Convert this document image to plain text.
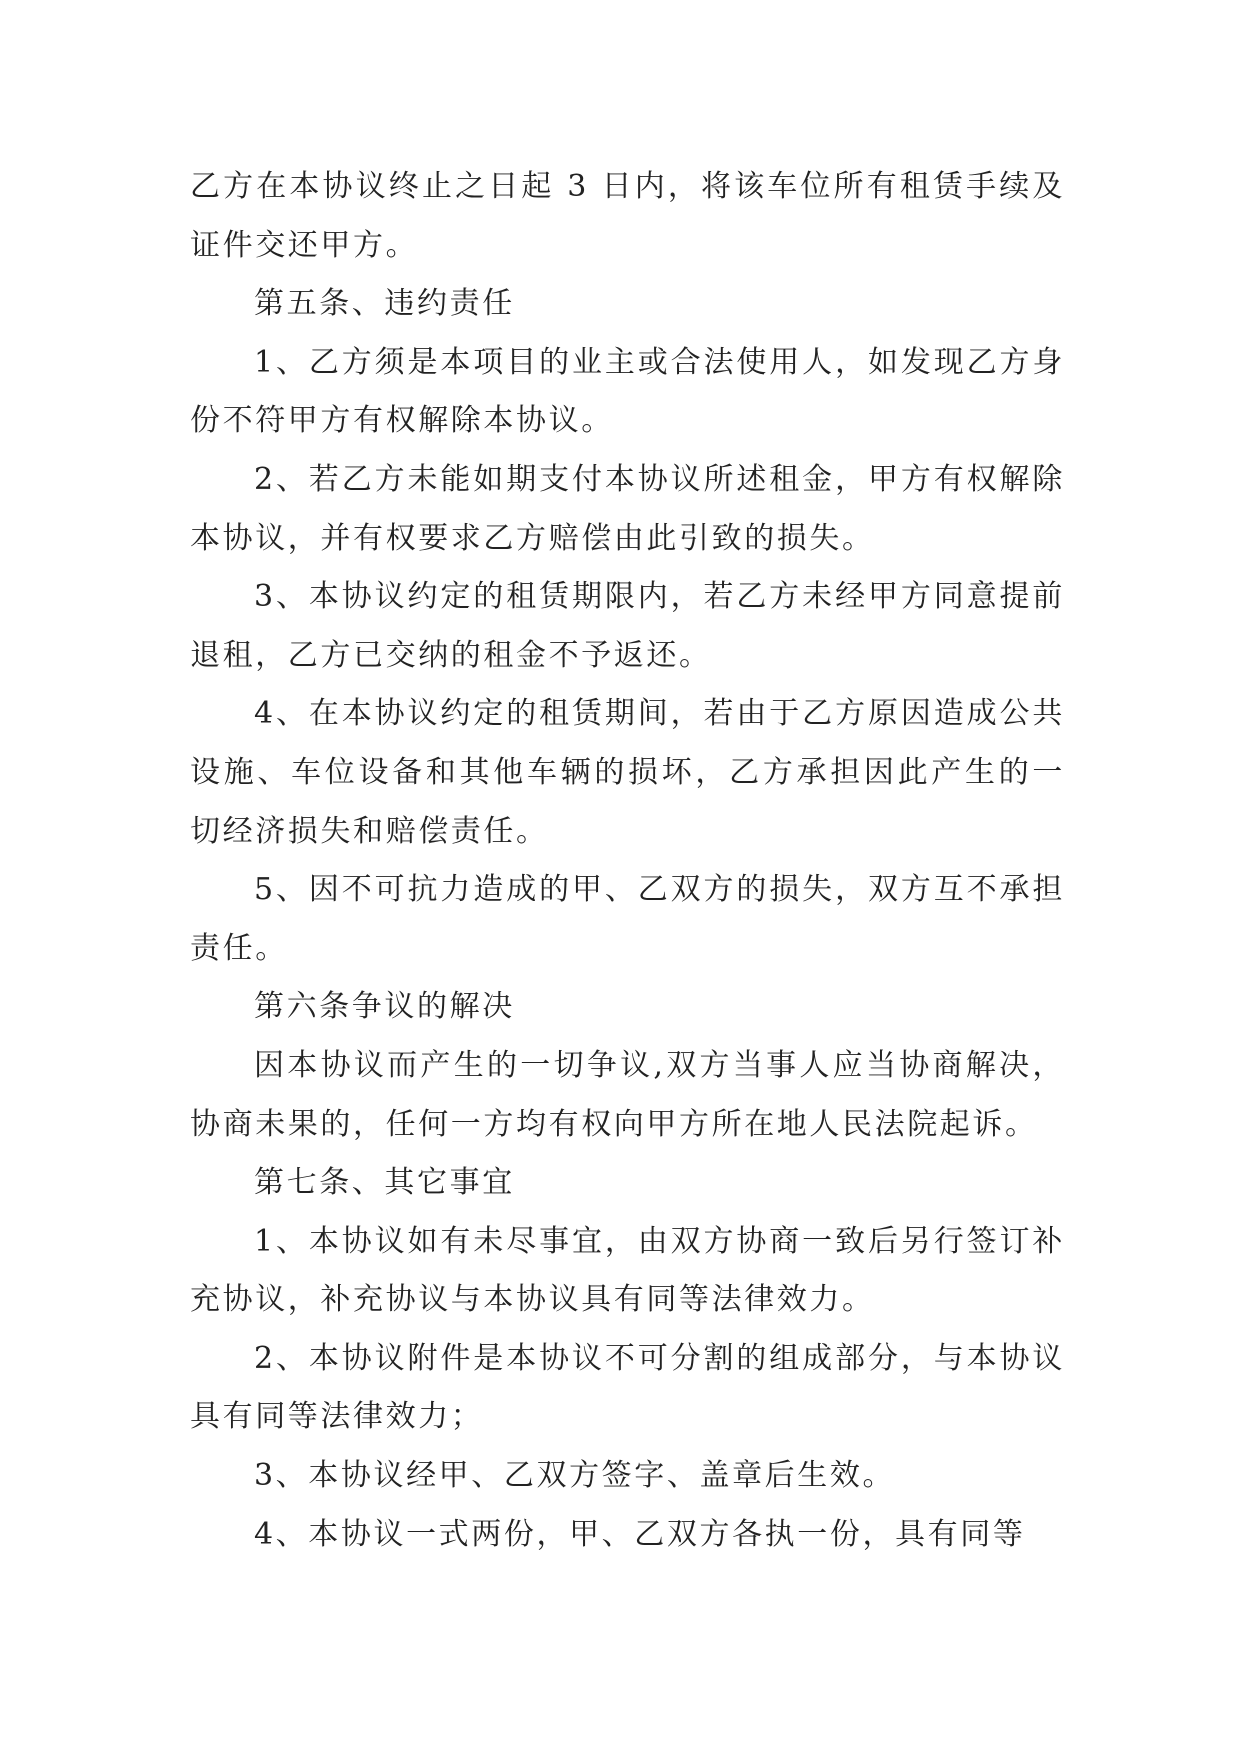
乙方在本协议终止之日起 3 日内，将该车位所有租赁手续及证件交还甲方。

第五条、违约责任

1、乙方须是本项目的业主或合法使用人，如发现乙方身份不符甲方有权解除本协议。

2、若乙方未能如期支付本协议所述租金，甲方有权解除本协议，并有权要求乙方赔偿由此引致的损失。

3、本协议约定的租赁期限内，若乙方未经甲方同意提前退租，乙方已交纳的租金不予返还。

4、在本协议约定的租赁期间，若由于乙方原因造成公共设施、车位设备和其他车辆的损坏，乙方承担因此产生的一切经济损失和赔偿责任。

5、因不可抗力造成的甲、乙双方的损失，双方互不承担责任。

第六条争议的解决

因本协议而产生的一切争议,双方当事人应当协商解决，协商未果的，任何一方均有权向甲方所在地人民法院起诉。

第七条、其它事宜

1、本协议如有未尽事宜，由双方协商一致后另行签订补充协议，补充协议与本协议具有同等法律效力。

2、本协议附件是本协议不可分割的组成部分，与本协议具有同等法律效力；

3、本协议经甲、乙双方签字、盖章后生效。

4、本协议一式两份，甲、乙双方各执一份，具有同等
